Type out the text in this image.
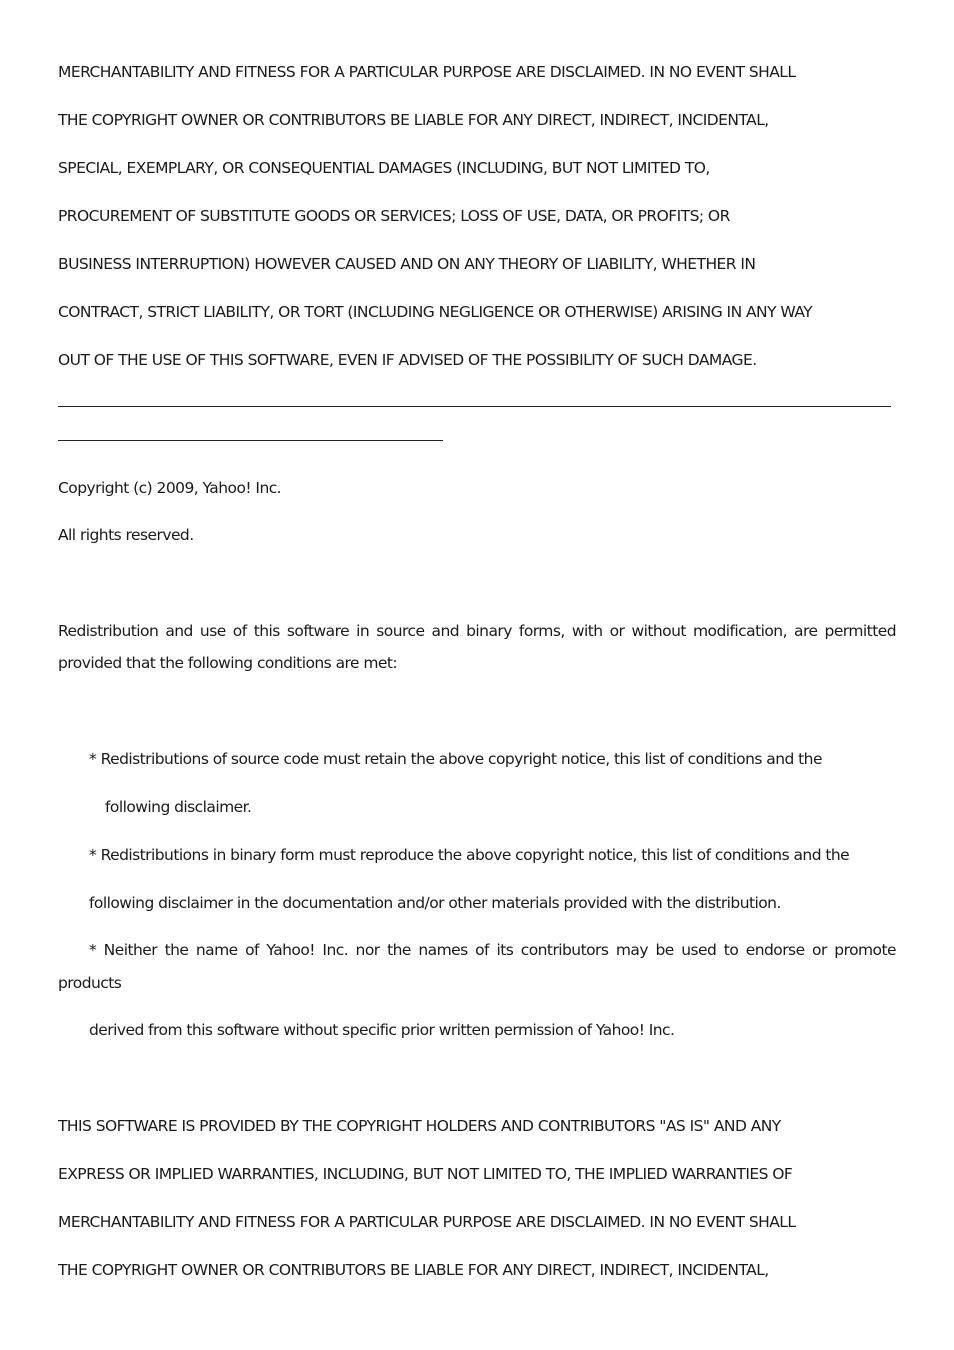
MERCHANTABILITY AND FITNESS FOR A PARTICULAR PURPOSE ARE DISCLAIMED. IN NO EVENT SHALL
THE COPYRIGHT OWNER OR CONTRIBUTORS BE LIABLE FOR ANY DIRECT, INDIRECT, INCIDENTAL,
SPECIAL, EXEMPLARY, OR CONSEQUENTIAL DAMAGES (INCLUDING, BUT NOT LIMITED TO,
PROCUREMENT OF SUBSTITUTE GOODS OR SERVICES; LOSS OF USE, DATA, OR PROFITS; OR
BUSINESS INTERRUPTION) HOWEVER CAUSED AND ON ANY THEORY OF LIABILITY, WHETHER IN
CONTRACT, STRICT LIABILITY, OR TORT (INCLUDING NEGLIGENCE OR OTHERWISE) ARISING IN ANY WAY
OUT OF THE USE OF THIS SOFTWARE, EVEN IF ADVISED OF THE POSSIBILITY OF SUCH DAMAGE.
Copyright (c) 2009, Yahoo! Inc.
All rights reserved.
Redistribution and use of this software in source and binary forms, with or without modification, are permitted
provided that the following conditions are met:
* Redistributions of source code must retain the above copyright notice, this list of conditions and the
following disclaimer.
* Redistributions in binary form must reproduce the above copyright notice, this list of conditions and the
following disclaimer in the documentation and/or other materials provided with the distribution.
* Neither the name of Yahoo! Inc. nor the names of its contributors may be used to endorse or promote
products
derived from this software without specific prior written permission of Yahoo! Inc.
THIS SOFTWARE IS PROVIDED BY THE COPYRIGHT HOLDERS AND CONTRIBUTORS "AS IS" AND ANY
EXPRESS OR IMPLIED WARRANTIES, INCLUDING, BUT NOT LIMITED TO, THE IMPLIED WARRANTIES OF
MERCHANTABILITY AND FITNESS FOR A PARTICULAR PURPOSE ARE DISCLAIMED. IN NO EVENT SHALL
THE COPYRIGHT OWNER OR CONTRIBUTORS BE LIABLE FOR ANY DIRECT, INDIRECT, INCIDENTAL,
